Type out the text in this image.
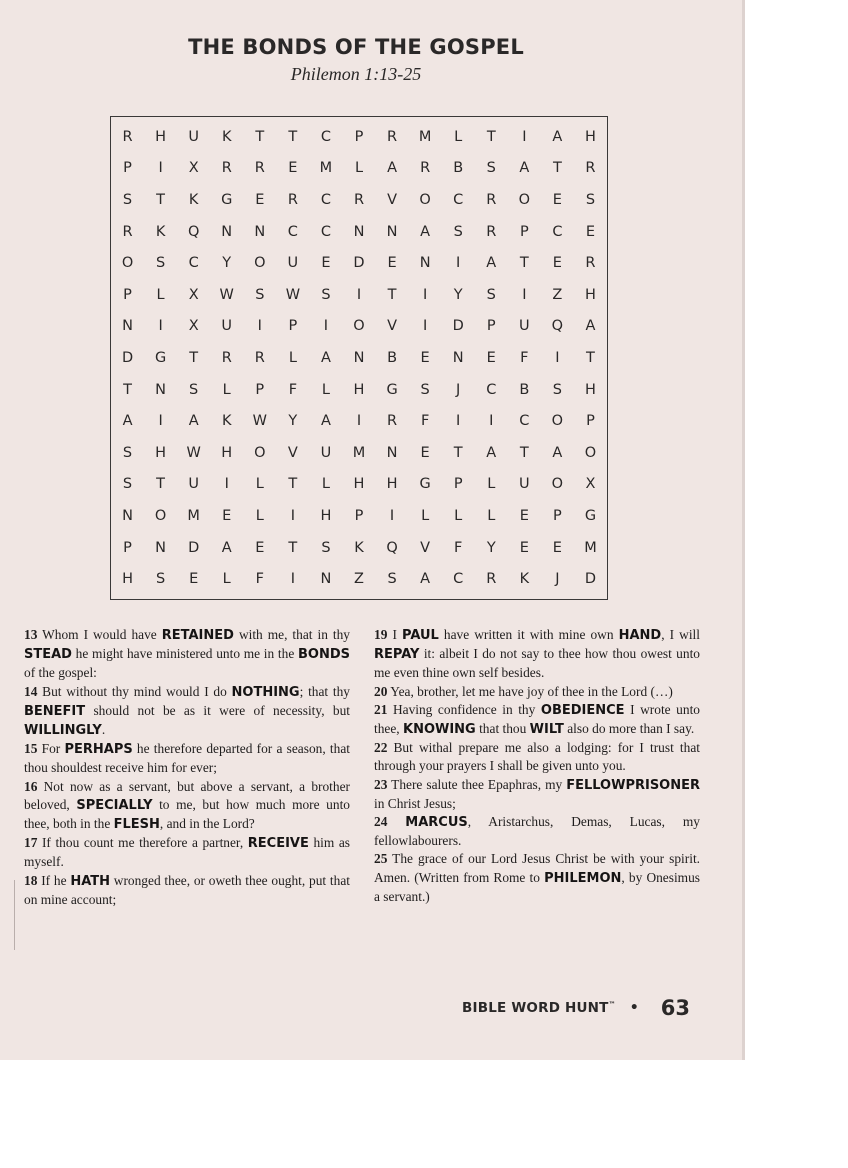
THE BONDS OF THE GOSPEL
Philemon 1:13-25
R	H	U	K	T	T	C	P	R	M	L	T	I	A	H
P	I	X	R	R	E	M	L	A	R	B	S	A	T	R
S	T	K	G	E	R	C	R	V	O	C	R	O	E	S
R	K	Q	N	N	C	C	N	N	A	S	R	P	C	E
O	S	C	Y	O	U	E	D	E	N	I	A	T	E	R
P	L	X	W	S	W	S	I	T	I	Y	S	I	Z	H
N	I	X	U	I	P	I	O	V	I	D	P	U	Q	A
D	G	T	R	R	L	A	N	B	E	N	E	F	I	T
T	N	S	L	P	F	L	H	G	S	J	C	B	S	H
A	I	A	K	W	Y	A	I	R	F	I	I	C	O	P
S	H	W	H	O	V	U	M	N	E	T	A	T	A	O
S	T	U	I	L	T	L	H	H	G	P	L	U	O	X
N	O	M	E	L	I	H	P	I	L	L	L	E	P	G
P	N	D	A	E	T	S	K	Q	V	F	Y	E	E	M
H	S	E	L	F	I	N	Z	S	A	C	R	K	J	D

13 Whom I would have RETAINED with me, that in thy STEAD he might have ministered unto me in the BONDS of the gospel:

14 But without thy mind would I do NOTHING; that thy BENEFIT should not be as it were of necessity, but WILLINGLY.

15 For PERHAPS he therefore departed for a season, that thou shouldest receive him for ever;

16 Not now as a servant, but above a servant, a brother beloved, SPECIALLY to me, but how much more unto thee, both in the FLESH, and in the Lord?

17 If thou count me therefore a partner, RECEIVE him as myself.

18 If he HATH wronged thee, or oweth thee ought, put that on mine account;

19 I PAUL have written it with mine own HAND, I will REPAY it: albeit I do not say to thee how thou owest unto me even thine own self besides.

20 Yea, brother, let me have joy of thee in the Lord (…)

21 Having confidence in thy OBEDIENCE I wrote unto thee, KNOWING that thou WILT also do more than I say.

22 But withal prepare me also a lodging: for I trust that through your prayers I shall be given unto you.

23 There salute thee Epaphras, my FELLOWPRISONER in Christ Jesus;

24 MARCUS, Aristarchus, Demas, Lucas, my fellowlabourers.

25 The grace of our Lord Jesus Christ be with your spirit. Amen. (Written from Rome to PHILEMON, by Onesimus a servant.)

BIBLE WORD HUNT™ • 63
